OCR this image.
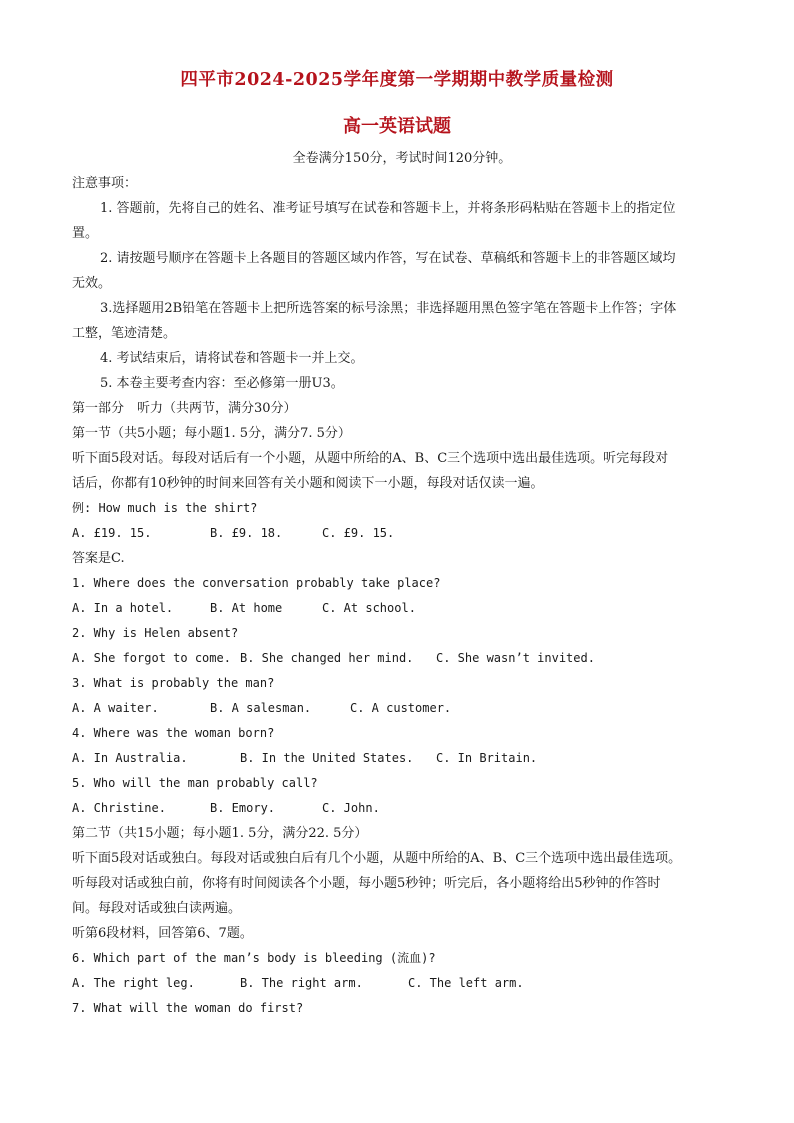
四平市2024-2025学年度第一学期期中教学质量检测
高一英语试题
全卷满分150分，考试时间120分钟。
注意事项：
1. 答题前，先将自己的姓名、准考证号填写在试卷和答题卡上，并将条形码粘贴在答题卡上的指定位
置。
2. 请按题号顺序在答题卡上各题目的答题区域内作答，写在试卷、草稿纸和答题卡上的非答题区域均
无效。
3.选择题用2B铅笔在答题卡上把所选答案的标号涂黑；非选择题用黑色签字笔在答题卡上作答；字体
工整，笔迹清楚。
4. 考试结束后，请将试卷和答题卡一并上交。
5. 本卷主要考查内容：至必修第一册U3。
第一部分　听力（共两节，满分30分）
第一节（共5小题；每小题1. 5分，满分7. 5分）
听下面5段对话。每段对话后有一个小题，从题中所给的A、B、C三个选项中选出最佳选项。听完每段对
话后，你都有10秒钟的时间来回答有关小题和阅读下一小题，每段对话仅读一遍。
例: How much is the shirt?
A. £19. 15.	B. £9. 18.	C. £9. 15.
答案是C.
1. Where does the conversation probably take place?
A. In a hotel.	B. At home	C. At school.
2. Why is Helen absent?
A. She forgot to come. B. She changed her mind. C. She wasn’t invited.
3. What is probably the man?
A. A waiter.	B. A salesman.	C. A customer.
4. Where was the woman born?
A. In Australia.	B. In the United States. C. In Britain.
5. Who will the man probably call?
A. Christine.	B. Emory.	C. John.
第二节（共15小题；每小题1. 5分，满分22. 5分）
听下面5段对话或独白。每段对话或独白后有几个小题，从题中所给的A、B、C三个选项中选出最佳选项。
听每段对话或独白前，你将有时间阅读各个小题，每小题5秒钟；听完后，各小题将给出5秒钟的作答时
间。每段对话或独白读两遍。
听第6段材料，回答第6、7题。
6. Which part of the man’s body is bleeding (流血)?
A. The right leg.	B. The right arm.	C. The left arm.
7. What will the woman do first?
